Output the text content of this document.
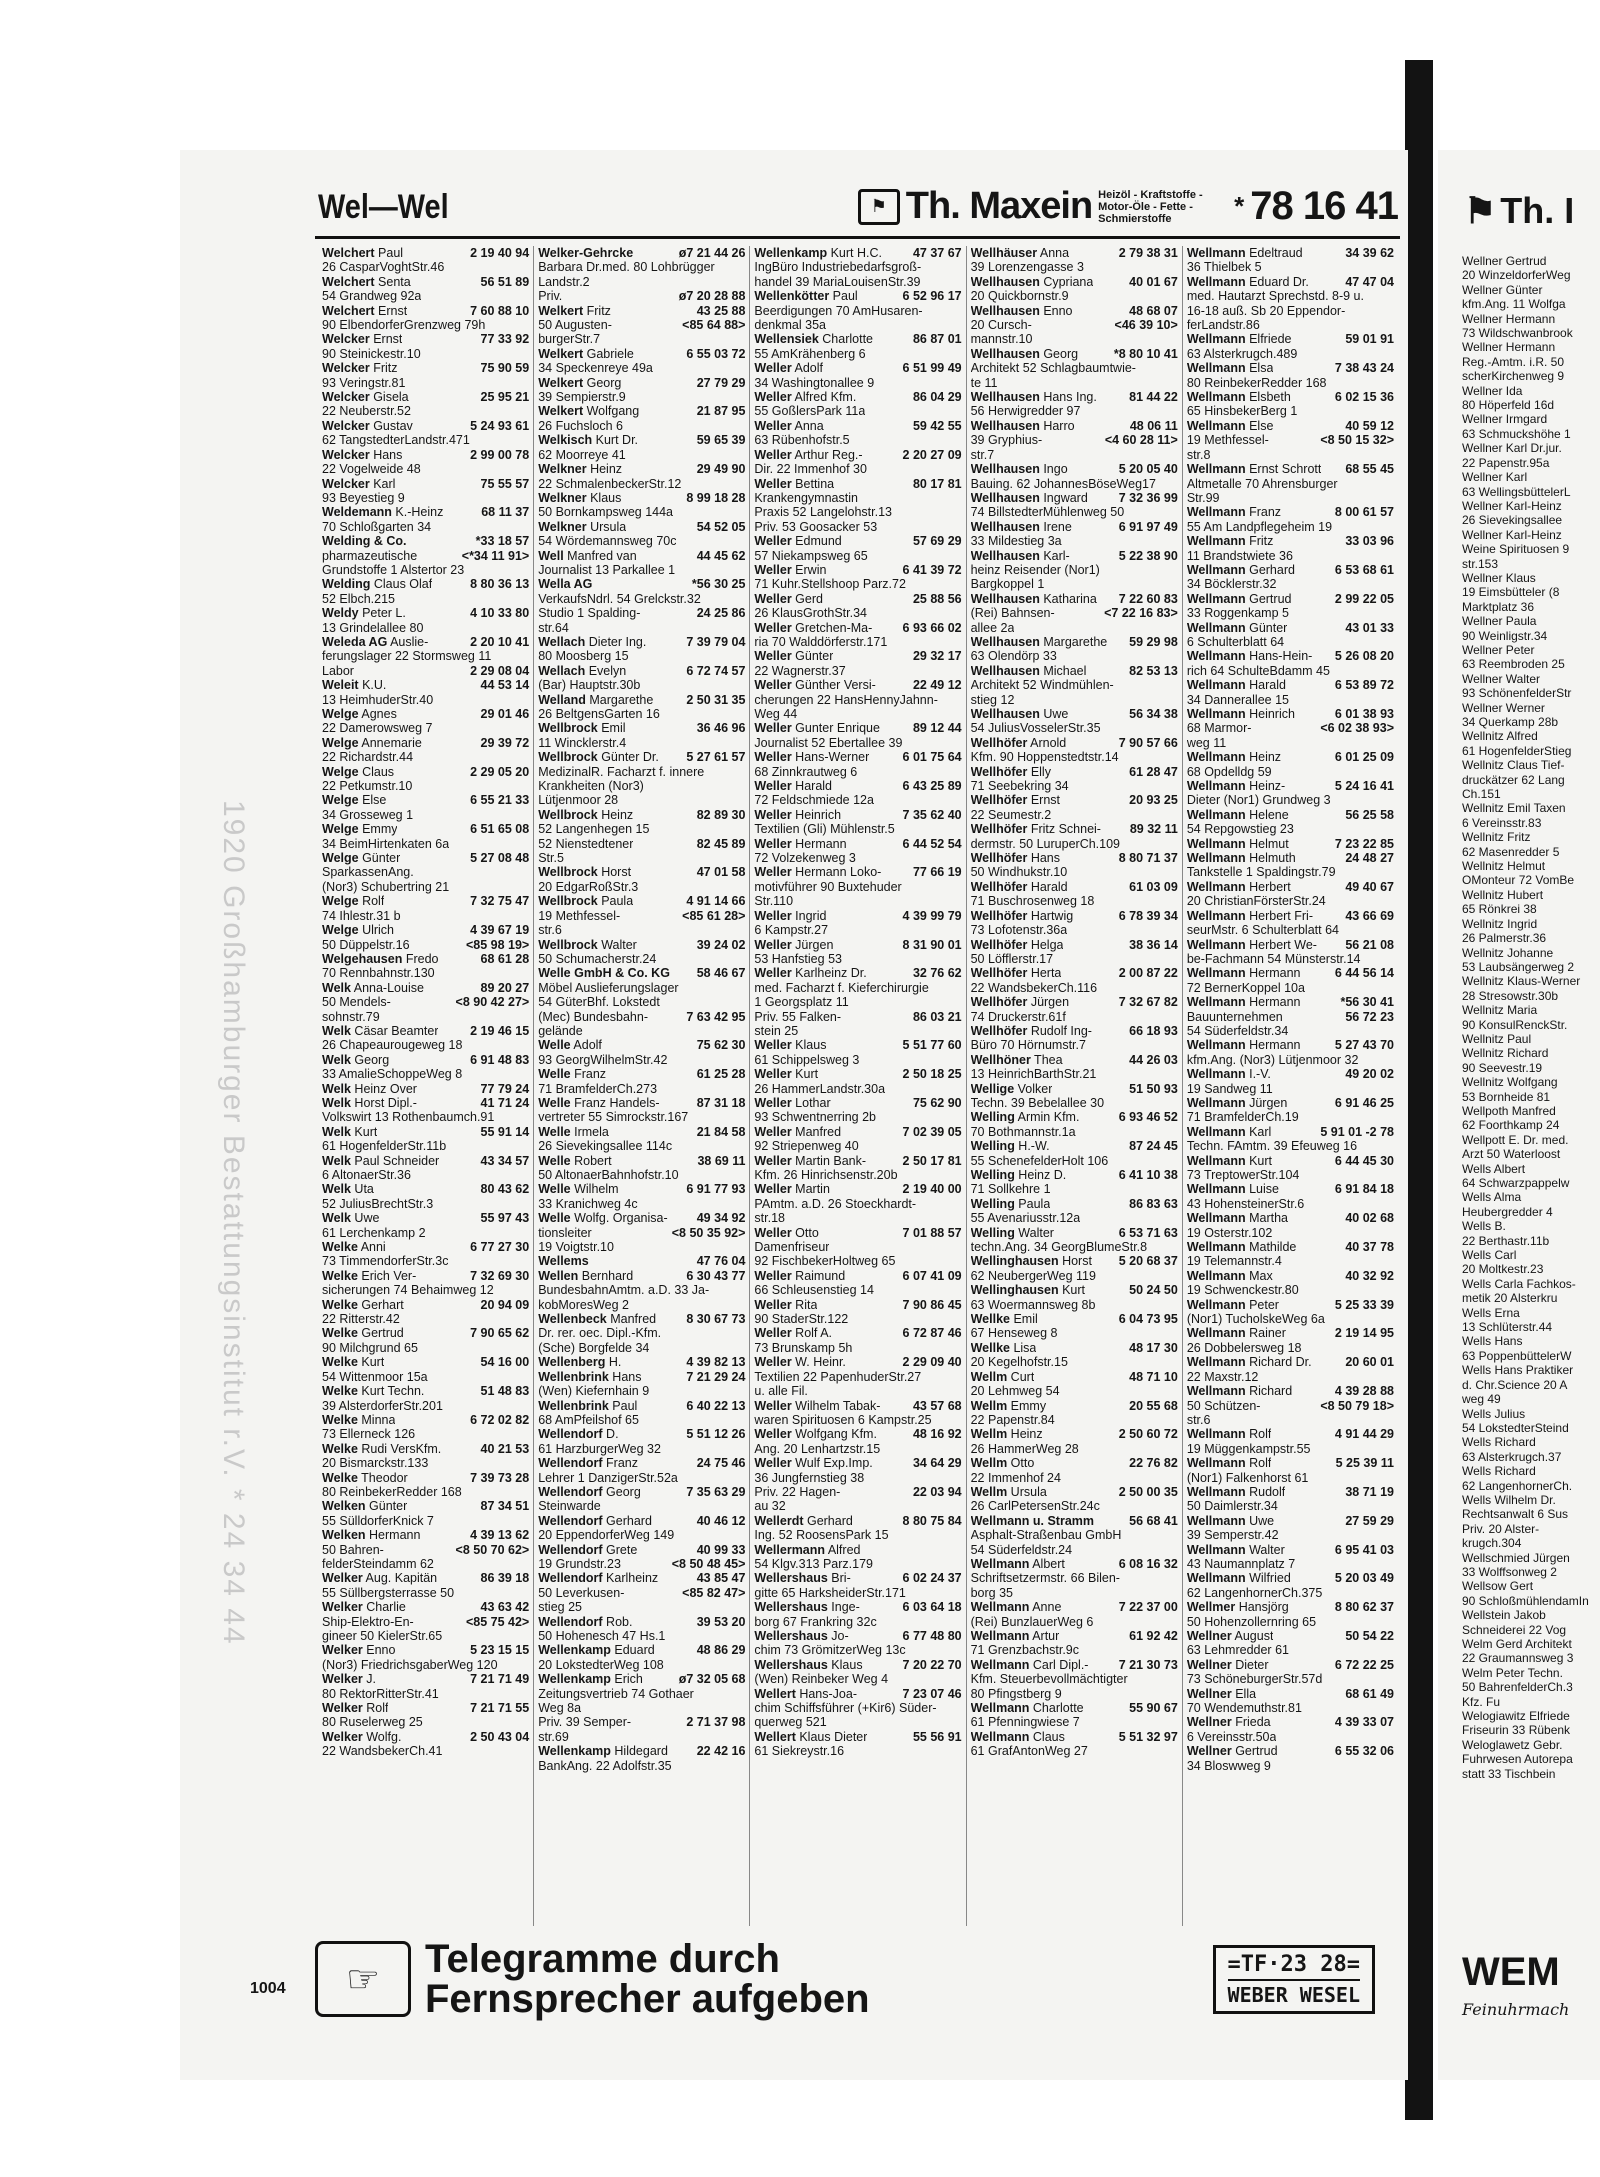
1920 Großhamburger Bestattungsinstitut r.V. * 24 34 44
Wel—Wel	⚑ Th. Maxein Heizöl - Kraftstoffe - Motor-Öle - Fette - Schmierstoffe	* 78 16 41
Welchert Paul	2 19 40 94
26 CasparVoghtStr.46
Welchert Senta	56 51 89
54 Grandweg 92a
Welchert Ernst	7 60 88 10
90 ElbendorferGrenzweg 79h
Welcker Ernst	77 33 92
90 Steinickestr.10
Welcker Fritz	75 90 59
93 Veringstr.81
Welcker Gisela	25 95 21
22 Neuberstr.52
Welcker Gustav	5 24 93 61
62 TangstedterLandstr.471
Welcker Hans	2 99 00 78
22 Vogelweide 48
Welcker Karl	75 55 57
93 Beyestieg 9
Weldemann K.-Heinz	68 11 37
70 Schloßgarten 34
Welding & Co.	*33 18 57
pharmazeutische	<*34 11 91>
Grundstoffe 1 Alstertor 23
Welding Claus Olaf	8 80 36 13
52 Elbch.215
Weldy Peter L.	4 10 33 80
13 Grindelallee 80
Weleda AG Auslie-	2 20 10 41
ferungslager 22 Stormsweg 11
Labor	2 29 08 04
Weleit K.U.	44 53 14
13 HeimhuderStr.40
Welge Agnes	29 01 46
22 Damerowsweg 7
Welge Annemarie	29 39 72
22 Richardstr.44
Welge Claus	2 29 05 20
22 Petkumstr.10
Welge Else	6 55 21 33
34 Grosseweg 1
Welge Emmy	6 51 65 08
34 BeimHirtenkaten 6a
Welge Günter	5 27 08 48
SparkassenAng.
(Nor3) Schubertring 21
Welge Rolf	7 32 75 47
74 Ihlestr.31 b
Welge Ulrich	4 39 67 19
50 Düppelstr.16	<85 98 19>
Welgehausen Fredo	68 61 28
70 Rennbahnstr.130
Welk Anna-Louise	89 20 27
50 Mendels-	<8 90 42 27>
sohnstr.79
Welk Cäsar Beamter	2 19 46 15
26 Chapeaurougeweg 18
Welk Georg	6 91 48 83
33 AmalieSchoppeWeg 8
Welk Heinz Over	77 79 24
Welk Horst Dipl.-	41 71 24
Volkswirt 13 Rothenbaumch.91
Welk Kurt	55 91 14
61 HogenfelderStr.11b
Welk Paul Schneider	43 34 57
6 AltonaerStr.36
Welk Uta	80 43 62
52 JuliusBrechtStr.3
Welk Uwe	55 97 43
61 Lerchenkamp 2
Welke Anni	6 77 27 30
73 TimmendorferStr.3c
Welke Erich Ver-	7 32 69 30
sicherungen 74 Behaimweg 12
Welke Gerhart	20 94 09
22 Ritterstr.42
Welke Gertrud	7 90 65 62
90 Milchgrund 65
Welke Kurt	54 16 00
54 Wittenmoor 15a
Welke Kurt Techn.	51 48 83
39 AlsterdorferStr.201
Welke Minna	6 72 02 82
73 Ellerneck 126
Welke Rudi VersKfm.	40 21 53
20 Bismarckstr.133
Welke Theodor	7 39 73 28
80 ReinbekerRedder 168
Welken Günter	87 34 51
55 SülldorferKnick 7
Welken Hermann	4 39 13 62
50 Bahren-	<8 50 70 62>
felderSteindamm 62
Welker Aug. Kapitän	86 39 18
55 Süllbergsterrasse 50
Welker Charlie	43 63 42
Ship-Elektro-En-	<85 75 42>
gineer 50 KielerStr.65
Welker Enno	5 23 15 15
(Nor3) FriedrichsgaberWeg 120
Welker J.	7 21 71 49
80 RektorRitterStr.41
Welker Rolf	7 21 71 55
80 Ruselerweg 25
Welker Wolfg.	2 50 43 04
22 WandsbekerCh.41
Welker-Gehrcke	ø7 21 44 26
Barbara Dr.med. 80 Lohbrügger
Landstr.2
Priv.	ø7 20 28 88
Welkert Fritz	43 25 88
50 Augusten-	<85 64 88>
burgerStr.7
Welkert Gabriele	6 55 03 72
34 Speckenreye 49a
Welkert Georg	27 79 29
39 Sempierstr.9
Welkert Wolfgang	21 87 95
26 Fuchsloch 6
Welkisch Kurt Dr.	59 65 39
62 Moorreye 41
Welkner Heinz	29 49 90
22 SchmalenbeckerStr.12
Welkner Klaus	8 99 18 28
50 Bornkampsweg 144a
Welkner Ursula	54 52 05
54 Wördemannsweg 70c
Well Manfred van	44 45 62
Journalist 13 Parkallee 1
Wella AG	*56 30 25
VerkaufsNdrl. 54 Grelckstr.32
Studio 1 Spalding-	24 25 86
str.64
Wellach Dieter Ing.	7 39 79 04
80 Moosberg 15
Wellach Evelyn	6 72 74 57
(Bar) Hauptstr.30b
Welland Margarethe	2 50 31 35
26 BeltgensGarten 16
Wellbrock Emil	36 46 96
11 Wincklerstr.4
Wellbrock Günter Dr.	5 27 61 57
MedizinalR. Facharzt f. innere
Krankheiten (Nor3)
Lütjenmoor 28
Wellbrock Heinz	82 89 30
52 Langenhegen 15
52 Nienstedtener	82 45 89
Str.5
Wellbrock Horst	47 01 58
20 EdgarRoßStr.3
Wellbrock Paula	4 91 14 66
19 Methfessel-	<85 61 28>
str.6
Wellbrock Walter	39 24 02
50 Schumacherstr.24
Welle GmbH & Co. KG	58 46 67
Möbel Auslieferungslager
54 GüterBhf. Lokstedt
(Mec) Bundesbahn-	7 63 42 95
gelände
Welle Adolf	75 62 30
93 GeorgWilhelmStr.42
Welle Franz	61 25 28
71 BramfelderCh.273
Welle Franz Handels-	87 31 18
vertreter 55 Simrockstr.167
Welle Irmela	21 84 58
26 Sievekingsallee 114c
Welle Robert	38 69 11
50 AltonaerBahnhofstr.10
Welle Wilhelm	6 91 77 93
33 Kranichweg 4c
Welle Wolfg. Organisa-	49 34 92
tionsleiter	<8 50 35 92>
19 Voigtstr.10
Wellems	47 76 04
Wellen Bernhard	6 30 43 77
BundesbahnAmtm. a.D. 33 Ja-
kobMoresWeg 2
Wellenbeck Manfred	8 30 67 73
Dr. rer. oec. Dipl.-Kfm.
(Sche) Borgfelde 34
Wellenberg H.	4 39 82 13
Wellenbrink Hans	7 21 29 24
(Wen) Kiefernhain 9
Wellenbrink Paul	6 40 22 13
68 AmPfeilshof 65
Wellendorf D.	5 51 12 26
61 HarzburgerWeg 32
Wellendorf Franz	24 75 46
Lehrer 1 DanzigerStr.52a
Wellendorf Georg	7 35 63 29
Steinwarde
Wellendorf Gerhard	40 46 12
20 EppendorferWeg 149
Wellendorf Grete	40 99 33
19 Grundstr.23	<8 50 48 45>
Wellendorf Karlheinz	43 85 47
50 Leverkusen-	<85 82 47>
stieg 25
Wellendorf Rob.	39 53 20
50 Hohenesch 47 Hs.1
Wellenkamp Eduard	48 86 29
20 LokstedterWeg 108
Wellenkamp Erich	ø7 32 05 68
Zeitungsvertrieb 74 Gothaer
Weg 8a
Priv. 39 Semper-	2 71 37 98
str.69
Wellenkamp Hildegard	22 42 16
BankAng. 22 Adolfstr.35
Wellenkamp Kurt H.C.	47 37 67
IngBüro Industriebedarfsgroß-
handel 39 MariaLouisenStr.39
Wellenkötter Paul	6 52 96 17
Beerdigungen 70 AmHusaren-
denkmal 35a
Wellensiek Charlotte	86 87 01
55 AmKrähenberg 6
Weller Adolf	6 51 99 49
34 Washingtonallee 9
Weller Alfred Kfm.	86 04 29
55 GoßlersPark 11a
Weller Anna	59 42 55
63 Rübenhofstr.5
Weller Arthur Reg.-	2 20 27 09
Dir. 22 Immenhof 30
Weller Bettina	80 17 81
Krankengymnastin
Praxis 52 Langelohstr.13
Priv. 53 Goosacker 53
Weller Edmund	57 69 29
57 Niekampsweg 65
Weller Erwin	6 41 39 72
71 Kuhr.Stellshoop Parz.72
Weller Gerd	25 88 56
26 KlausGrothStr.34
Weller Gretchen-Ma-	6 93 66 02
ria 70 Walddörferstr.171
Weller Günter	29 32 17
22 Wagnerstr.37
Weller Günther Versi-	22 49 12
cherungen 22 HansHennyJahnn-
Weg 44
Weller Gunter Enrique	89 12 44
Journalist 52 Ebertallee 39
Weller Hans-Werner	6 01 75 64
68 Zinnkrautweg 6
Weller Harald	6 43 25 89
72 Feldschmiede 12a
Weller Heinrich	7 35 62 40
Textilien (Gli) Mühlenstr.5
Weller Hermann	6 44 52 54
72 Volzekenweg 3
Weller Hermann Loko-	77 66 19
motivführer 90 Buxtehuder
Str.110
Weller Ingrid	4 39 99 79
6 Kampstr.27
Weller Jürgen	8 31 90 01
53 Hanfstieg 53
Weller Karlheinz Dr.	32 76 62
med. Facharzt f. Kieferchirurgie
1 Georgsplatz 11
Priv. 55 Falken-	86 03 21
stein 25
Weller Klaus	5 51 77 60
61 Schippelsweg 3
Weller Kurt	2 50 18 25
26 HammerLandstr.30a
Weller Lothar	75 62 90
93 Schwentnerring 2b
Weller Manfred	7 02 39 05
92 Striepenweg 40
Weller Martin Bank-	2 50 17 81
Kfm. 26 Hinrichsenstr.20b
Weller Martin	2 19 40 00
PAmtm. a.D. 26 Stoeckhardt-
str.18
Weller Otto	7 01 88 57
Damenfriseur
92 FischbekerHoltweg 65
Weller Raimund	6 07 41 09
66 Schleusenstieg 14
Weller Rita	7 90 86 45
90 StaderStr.122
Weller Rolf A.	6 72 87 46
73 Brunskamp 5h
Weller W. Heinr.	2 29 09 40
Textilien 22 PapenhuderStr.27
u. alle Fil.
Weller Wilhelm Tabak-	43 57 68
waren Spirituosen 6 Kampstr.25
Weller Wolfgang Kfm.	48 16 92
Ang. 20 Lenhartzstr.15
Weller Wulf Exp.Imp.	34 64 29
36 Jungfernstieg 38
Priv. 22 Hagen-	22 03 94
au 32
Wellerdt Gerhard	8 80 75 84
Ing. 52 RoosensPark 15
Wellermann Alfred
54 Klgv.313 Parz.179
Wellershaus Bri-	6 02 24 37
gitte 65 HarksheiderStr.171
Wellershaus Inge-	6 03 64 18
borg 67 Frankring 32c
Wellershaus Jo-	6 77 48 80
chim 73 GrömitzerWeg 13c
Wellershaus Klaus	7 20 22 70
(Wen) Reinbeker Weg 4
Wellert Hans-Joa-	7 23 07 46
chim Schiffsführer (+Kir6) Süder-
querweg 521
Wellert Klaus Dieter	55 56 91
61 Siekreystr.16
Wellhäuser Anna	2 79 38 31
39 Lorenzengasse 3
Wellhausen Cypriana	40 01 67
20 Quickbornstr.9
Wellhausen Enno	48 68 07
20 Cursch-	<46 39 10>
mannstr.10
Wellhausen Georg	*8 80 10 41
Architekt 52 Schlagbaumtwie-
te 11
Wellhausen Hans Ing.	81 44 22
56 Herwigredder 97
Wellhausen Harro	48 06 11
39 Gryphius-	<4 60 28 11>
str.7
Wellhausen Ingo	5 20 05 40
Bauing. 62 JohannesBöseWeg17
Wellhausen Ingward	7 32 36 99
74 BillstedterMühlenweg 50
Wellhausen Irene	6 91 97 49
33 Mildestieg 3a
Wellhausen Karl-	5 22 38 90
heinz Reisender (Nor1)
Bargkoppel 1
Wellhausen Katharina	7 22 60 83
(Rei) Bahnsen-	<7 22 16 83>
allee 2a
Wellhausen Margarethe	59 29 98
63 Olendörp 33
Wellhausen Michael	82 53 13
Architekt 52 Windmühlen-
stieg 12
Wellhausen Uwe	56 34 38
54 JuliusVosselerStr.35
Wellhöfer Arnold	7 90 57 66
Kfm. 90 Hoppenstedtstr.14
Wellhöfer Elly	61 28 47
71 Seebekring 34
Wellhöfer Ernst	20 93 25
22 Seumestr.2
Wellhöfer Fritz Schnei-	89 32 11
dermstr. 50 LuruperCh.109
Wellhöfer Hans	8 80 71 37
50 Windhukstr.10
Wellhöfer Harald	61 03 09
71 Buschrosenweg 18
Wellhöfer Hartwig	6 78 39 34
73 Lofotenstr.36a
Wellhöfer Helga	38 36 14
50 Löfflerstr.17
Wellhöfer Herta	2 00 87 22
22 WandsbekerCh.116
Wellhöfer Jürgen	7 32 67 82
74 Druckerstr.61f
Wellhöfer Rudolf Ing-	66 18 93
Büro 70 Hörnumstr.7
Wellhöner Thea	44 26 03
13 HeinrichBarthStr.21
Wellige Volker	51 50 93
Techn. 39 Bebelallee 30
Welling Armin Kfm.	6 93 46 52
70 Bothmannstr.1a
Welling H.-W.	87 24 45
55 SchenefelderHolt 106
Welling Heinz D.	6 41 10 38
71 Sollkehre 1
Welling Paula	86 83 63
55 Avenariusstr.12a
Welling Walter	6 53 71 63
techn.Ang. 34 GeorgBlumeStr.8
Wellinghausen Horst	5 20 68 37
62 NeubergerWeg 119
Wellinghausen Kurt	50 24 50
63 Woermannsweg 8b
Wellke Emil	6 04 73 95
67 Henseweg 8
Wellke Lisa	48 17 30
20 Kegelhofstr.15
Wellm Curt	48 71 10
20 Lehmweg 54
Wellm Emmy	20 55 68
22 Papenstr.84
Wellm Heinz	2 50 60 72
26 HammerWeg 28
Wellm Otto	22 76 82
22 Immenhof 24
Wellm Ursula	2 50 00 35
26 CarlPetersenStr.24c
Wellmann u. Stramm	56 68 41
Asphalt-Straßenbau GmbH
54 Süderfeldstr.24
Wellmann Albert	6 08 16 32
Schriftsetzermstr. 66 Bilen-
borg 35
Wellmann Anne	7 22 37 00
(Rei) BunzlauerWeg 6
Wellmann Artur	61 92 42
71 Grenzbachstr.9c
Wellmann Carl Dipl.-	7 21 30 73
Kfm. Steuerbevollmächtigter
80 Pfingstberg 9
Wellmann Charlotte	55 90 67
61 Pfenningwiese 7
Wellmann Claus	5 51 32 97
61 GrafAntonWeg 27
Wellmann Edeltraud	34 39 62
36 Thielbek 5
Wellmann Eduard Dr.	47 47 04
med. Hautarzt Sprechstd. 8-9 u.
16-18 auß. Sb 20 Eppendor-
ferLandstr.86
Wellmann Elfriede	59 01 91
63 Alsterkrugch.489
Wellmann Elsa	7 38 43 24
80 ReinbekerRedder 168
Wellmann Elsbeth	6 02 15 36
65 HinsbekerBerg 1
Wellmann Else	40 59 12
19 Methfessel-	<8 50 15 32>
str.8
Wellmann Ernst Schrott	68 55 45
Altmetalle 70 Ahrensburger
Str.99
Wellmann Franz	8 00 61 57
55 Am Landpflegeheim 19
Wellmann Fritz	33 03 96
11 Brandstwiete 36
Wellmann Gerhard	6 53 68 61
34 Böcklerstr.32
Wellmann Gertrud	2 99 22 05
33 Roggenkamp 5
Wellmann Günter	43 01 33
6 Schulterblatt 64
Wellmann Hans-Hein-	5 26 08 20
rich 64 SchulteBdamm 45
Wellmann Harald	6 53 89 72
34 Dannerallee 15
Wellmann Heinrich	6 01 38 93
68 Marmor-	<6 02 38 93>
weg 11
Wellmann Heinz	6 01 25 09
68 Opdelldg 59
Wellmann Heinz-	5 24 16 41
Dieter (Nor1) Grundweg 3
Wellmann Helene	56 25 58
54 Repgowstieg 23
Wellmann Helmut	7 23 22 85
Wellmann Helmuth	24 48 27
Tankstelle 1 Spaldingstr.79
Wellmann Herbert	49 40 67
20 ChristianFörsterStr.24
Wellmann Herbert Fri-	43 66 69
seurMstr. 6 Schulterblatt 64
Wellmann Herbert We-	56 21 08
be-Fachmann 54 Münsterstr.14
Wellmann Hermann	6 44 56 14
72 BernerKoppel 10a
Wellmann Hermann	*56 30 41
Bauunternehmen	56 72 23
54 Süderfeldstr.34
Wellmann Hermann	5 27 43 70
kfm.Ang. (Nor3) Lütjenmoor 32
Wellmann I.-V.	49 20 02
19 Sandweg 11
Wellmann Jürgen	6 91 46 25
71 BramfelderCh.19
Wellmann Karl	5 91 01 -2 78
Techn. FAmtm. 39 Efeuweg 16
Wellmann Kurt	6 44 45 30
73 TreptowerStr.104
Wellmann Luise	6 91 84 18
43 HohensteinerStr.6
Wellmann Martha	40 02 68
19 Osterstr.102
Wellmann Mathilde	40 37 78
19 Telemannstr.4
Wellmann Max	40 32 92
19 Schwenckestr.80
Wellmann Peter	5 25 33 39
(Nor1) TucholskeWeg 6a
Wellmann Rainer	2 19 14 95
26 Dobbelersweg 18
Wellmann Richard Dr.	20 60 01
22 Maxstr.12
Wellmann Richard	4 39 28 88
50 Schützen-	<8 50 79 18>
str.6
Wellmann Rolf	4 91 44 29
19 Müggenkampstr.55
Wellmann Rolf	5 25 39 11
(Nor1) Falkenhorst 61
Wellmann Rudolf	38 71 19
50 Daimlerstr.34
Wellmann Uwe	27 59 29
39 Semperstr.42
Wellmann Walter	6 95 41 03
43 Naumannplatz 7
Wellmann Wilfried	5 20 03 49
62 LangenhornerCh.375
Wellmer Hansjörg	8 80 62 37
50 Hohenzollernring 65
Wellner August	50 54 22
63 Lehmredder 61
Wellner Dieter	6 72 22 25
73 SchöneburgerStr.57d
Wellner Ella	68 61 49
70 Wendemuthstr.81
Wellner Frieda	4 39 33 07
6 Vereinsstr.50a
Wellner Gertrud	6 55 32 06
34 Bloswweg 9
☞	Telegramme durch
Fernsprecher aufgeben
=TF·23 28=
WEBER WESEL
1004
⚑ Th. I
Wellner Gertrud
20 WinzeldorferWeg
Wellner Günter
kfm.Ang. 11 Wolfga
Wellner Hermann
73 Wildschwanbrook
Wellner Hermann
Reg.-Amtm. i.R. 50
scherKirchenweg 9
Wellner Ida
80 Höperfeld 16d
Wellner Irmgard
63 Schmuckshöhe 1
Wellner Karl Dr.jur.
22 Papenstr.95a
Wellner Karl
63 WellingsbüttelerL
Wellner Karl-Heinz
26 Sievekingsallee
Wellner Karl-Heinz
Weine Spirituosen 9
str.153
Wellner Klaus
19 Eimsbütteler (8
Marktplatz 36
Wellner Paula
90 Weinligstr.34
Wellner Peter
63 Reembroden 25
Wellner Walter
93 SchönenfelderStr
Wellner Werner
34 Querkamp 28b
Wellnitz Alfred
61 HogenfelderStieg
Wellnitz Claus Tief-
druckätzer 62 Lang
Ch.151
Wellnitz Emil Taxen
6 Vereinsstr.83
Wellnitz Fritz
62 Masenredder 5
Wellnitz Helmut
OMonteur 72 VomBe
Wellnitz Hubert
65 Rönkrei 38
Wellnitz Ingrid
26 Palmerstr.36
Wellnitz Johanne
53 Laubsängerweg 2
Wellnitz Klaus-Werner
28 Stresowstr.30b
Wellnitz Maria
90 KonsulRenckStr.
Wellnitz Paul
Wellnitz Richard
90 Seevestr.19
Wellnitz Wolfgang
53 Bornheide 81
Wellpoth Manfred
62 Foorthkamp 24
Wellpott E. Dr. med.
Arzt 50 Waterloost
Wells Albert
64 Schwarzpappelw
Wells Alma
Heubergredder 4
Wells B.
22 Berthastr.11b
Wells Carl
20 Moltkestr.23
Wells Carla Fachkos-
metik 20 Alsterkru
Wells Erna
13 Schlüterstr.44
Wells Hans
63 PoppenbüttelerW
Wells Hans Praktiker
d. Chr.Science 20 A
weg 49
Wells Julius
54 LokstedterSteind
Wells Richard
63 Alsterkrugch.37
Wells Richard
62 LangenhornerCh.
Wells Wilhelm Dr.
Rechtsanwalt 6 Sus
Priv. 20 Alster-
krugch.304
Wellschmied Jürgen
33 Wolffsonweg 2
Wellsow Gert
90 SchloßmühlendamIn
Wellstein Jakob
Schneiderei 22 Vog
Welm Gerd Architekt
22 Graumannsweg 3
Welm Peter Techn.
50 BahrenfelderCh.3
Kfz. Fu
Welogiawitz Elfriede
Friseurin 33 Rübenk
Weloglawetz Gebr.
Fuhrwesen Autorepa
statt 33 Tischbein
WEM
Feinuhrmach
